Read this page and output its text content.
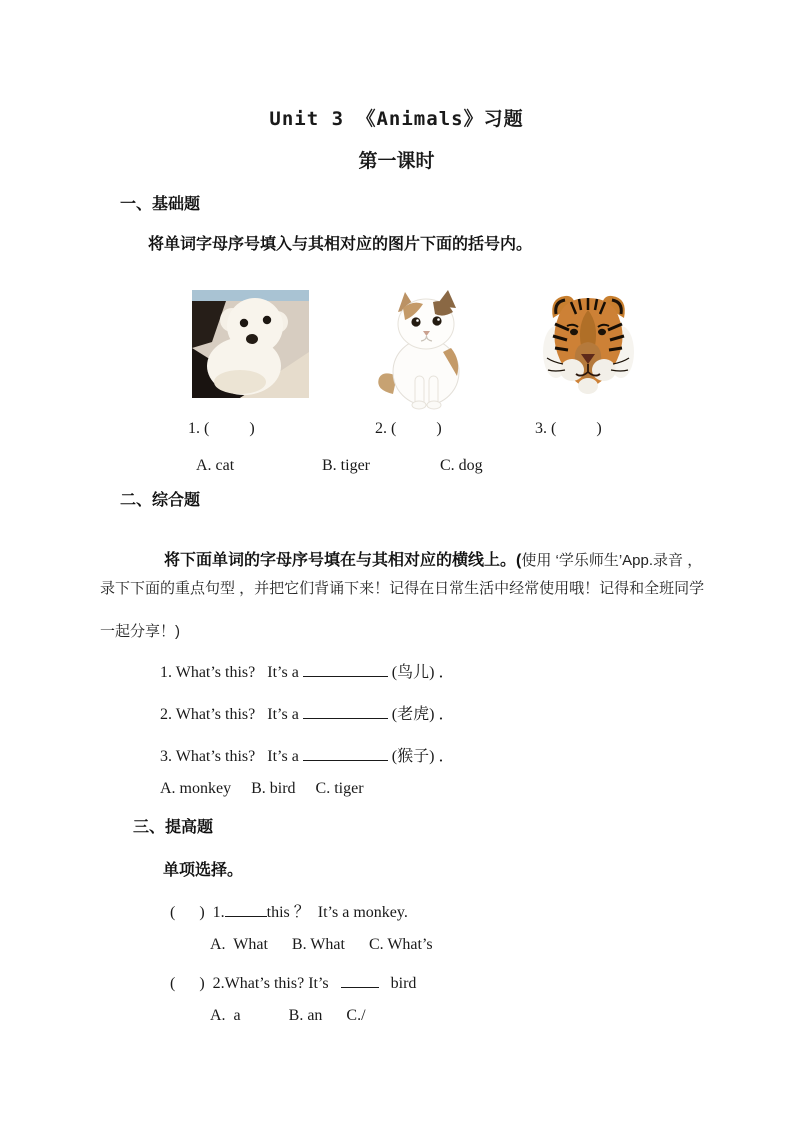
Unit 3 《Animals》习题
第一课时
一、基础题
将单词字母序号填入与其相对应的图片下面的括号内。

1. (          )	2. (          )	3. (          )
A. cat	B. tiger	C. dog
二、综合题

将下面单词的字母序号填在与其相对应的横线上。(使用 ‘学乐师生’App.录音 ，

录下下面的重点句型 ，并把它们背诵下来！记得在日常生活中经常使用哦！记得和全班同学
一起分享！)
1. What’s this?   It’s a	(鸟儿) ．
2. What’s this?   It’s a	(老虎) ．
3. What’s this?   It’s a	(猴子) ．
A. monkey     B. bird     C. tiger
三、提高题
单项选择。
(      )  1.	this ？  It’s a monkey.
A.  What      B. What      C. What’s
(      )  2.What’s this? It’s      bird
A.  a            B. an      C./
